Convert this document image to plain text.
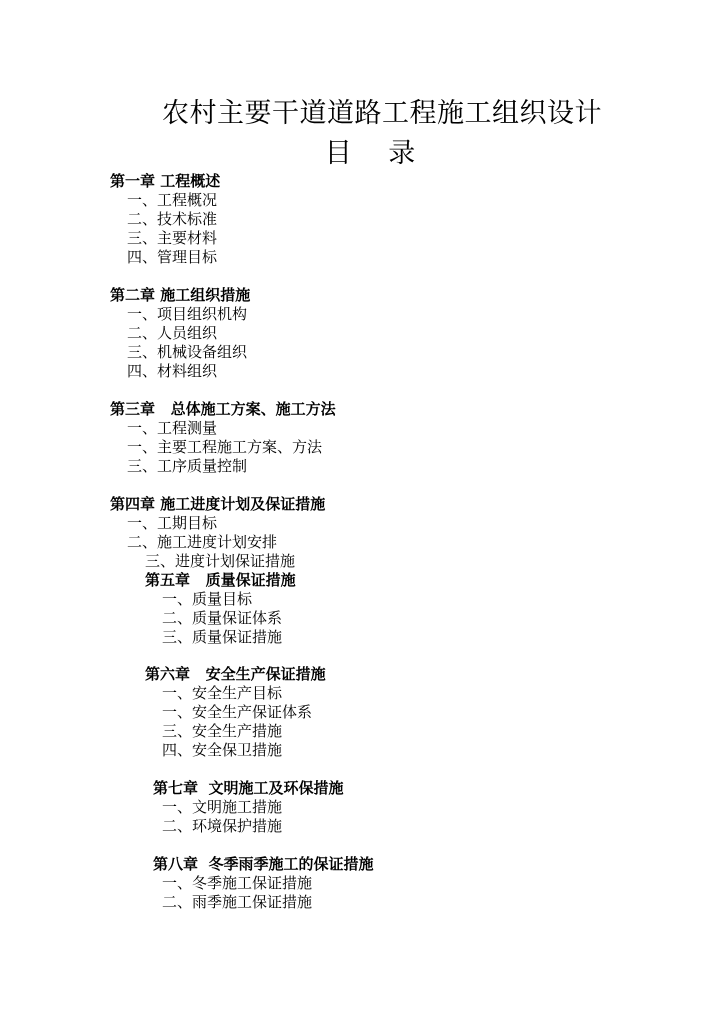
农村主要干道道路工程施工组织设计
目 录
第一章 工程概述
一、工程概况
二、技术标准
三、主要材料
四、管理目标
第二章 施工组织措施
一、项目组织机构
二、人员组织
三、机械设备组织
四、材料组织
第三章   总体施工方案、施工方法
一、工程测量
一、主要工程施工方案、方法
三、工序质量控制
第四章 施工进度计划及保证措施
一、工期目标
二、施工进度计划安排
三、进度计划保证措施
第五章   质量保证措施
一、质量目标
二、质量保证体系
三、质量保证措施
第六章   安全生产保证措施
一、安全生产目标
一、安全生产保证体系
三、安全生产措施
四、安全保卫措施
第七章  文明施工及环保措施
一、文明施工措施
二、环境保护措施
第八章  冬季雨季施工的保证措施
一、冬季施工保证措施
二、雨季施工保证措施
